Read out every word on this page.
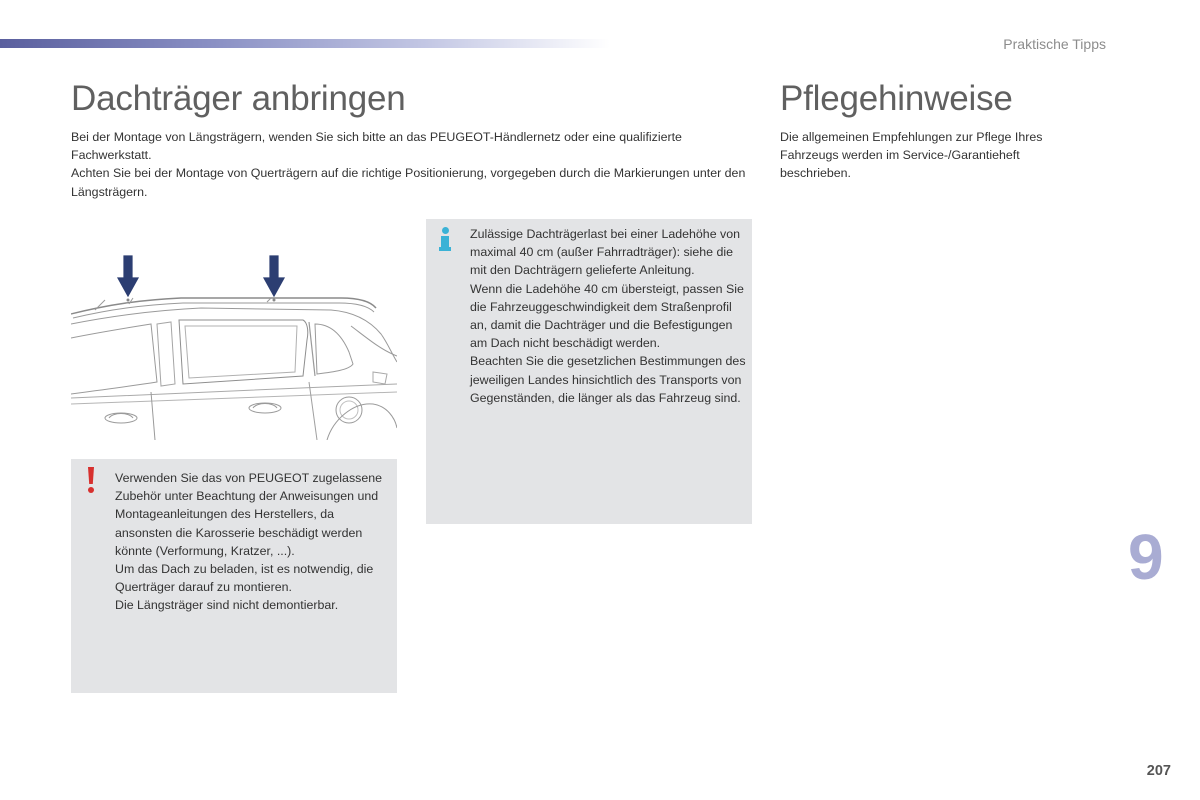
Praktische Tipps
Dachträger anbringen
Bei der Montage von Längsträgern, wenden Sie sich bitte an das PEUGEOT-Händlernetz oder eine qualifizierte Fachwerkstatt.
Achten Sie bei der Montage von Querträgern auf die richtige Positionierung, vorgegeben durch die Markierungen unter den Längsträgern.
Pflegehinweise
Die allgemeinen Empfehlungen zur Pflege Ihres Fahrzeugs werden im Service-/Garantieheft beschrieben.
Zulässige Dachträgerlast bei einer Ladehöhe von maximal 40 cm (außer Fahrradträger): siehe die mit den Dachträgern gelieferte Anleitung.
Wenn die Ladehöhe 40 cm übersteigt, passen Sie die Fahrzeuggeschwindigkeit dem Straßenprofil an, damit die Dachträger und die Befestigungen am Dach nicht beschädigt werden.
Beachten Sie die gesetzlichen Bestimmungen des jeweiligen Landes hinsichtlich des Transports von Gegenständen, die länger als das Fahrzeug sind.
Verwenden Sie das von PEUGEOT zugelassene Zubehör unter Beachtung der Anweisungen und Montageanleitungen des Herstellers, da ansonsten die Karosserie beschädigt werden könnte (Verformung, Kratzer, ...).
Um das Dach zu beladen, ist es notwendig, die Querträger darauf zu montieren.
Die Längsträger sind nicht demontierbar.
9
207
